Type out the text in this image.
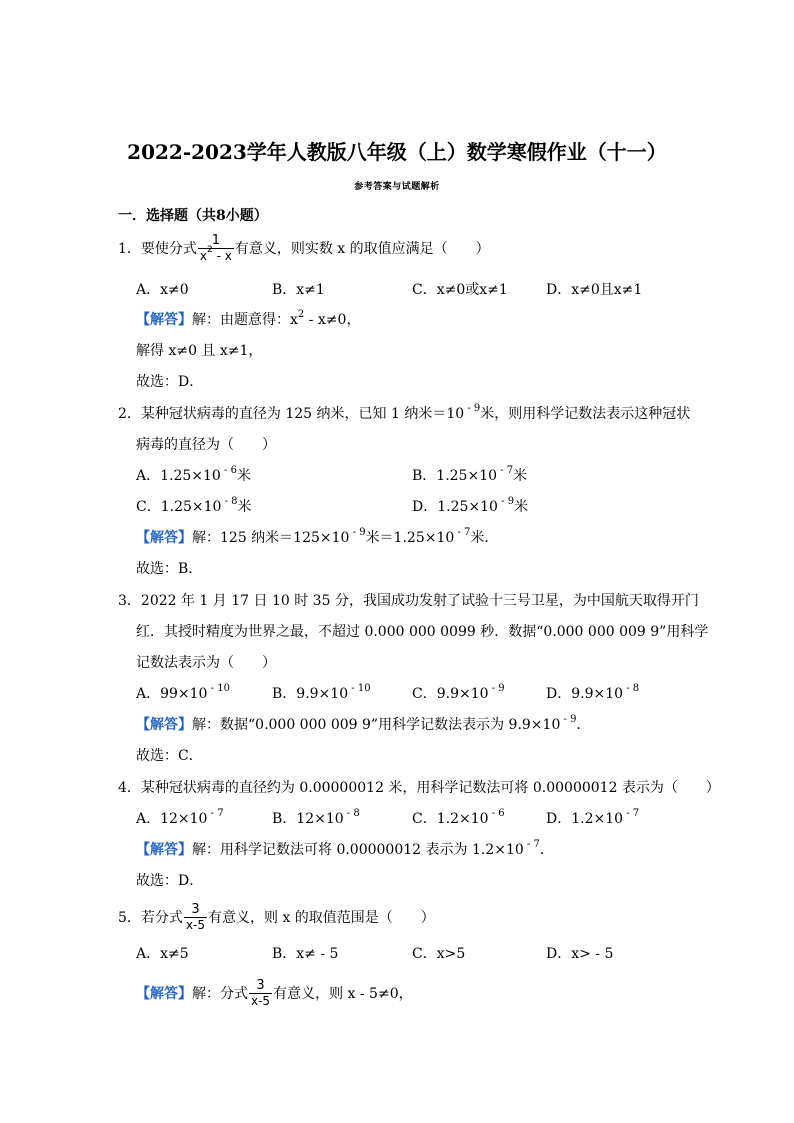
2022-2023学年人教版八年级（上）数学寒假作业（十一）
参考答案与试题解析
一．选择题（共8小题）
1．要使分式 $\frac{1}{x^2 - x}$ 有意义，则实数 x 的取值应满足（　　）
A．x≠0	B．x≠1	C．x≠0或x≠1	D．x≠0且x≠1
【解答】解：由题意得：$x^2 - x\ne 0$，
解得 x≠0 且 x≠1，
故选：D．
2．某种冠状病毒的直径为 125 纳米，已知 1 纳米＝10 $^{- 9}$米，则用科学记数法表示这种冠状
病毒的直径为（　　）
A．1.25×10 $^{- 6}$米	B．1.25×10 $^{- 7}$米
C．1.25×10 $^{- 8}$米	D．1.25×10 $^{- 9}$米
【解答】解：125 纳米＝125×10 $^{- 9}$米＝1.25×10 $^{- 7}$米．
故选：B．
3．2022 年 1 月 17 日 10 时 35 分，我国成功发射了试验十三号卫星，为中国航天取得开门
红．其授时精度为世界之最，不超过 0.000 000 0099 秒．数据“0.000 000 009 9”用科学
记数法表示为（　　）
A．99×10 $^{- 10}$	B．9.9×10 $^{- 10}$	C．9.9×10 $^{- 9}$	D．9.9×10 $^{- 8}$
【解答】解：数据“0.000 000 009 9”用科学记数法表示为 9.9×10 $^{- 9}$．
故选：C．
4．某种冠状病毒的直径约为 0.00000012 米，用科学记数法可将 0.00000012 表示为（　　）
A．12×10 $^{- 7}$	B．12×10 $^{- 8}$	C．1.2×10 $^{- 6}$	D．1.2×10 $^{- 7}$
【解答】解：用科学记数法可将 0.00000012 表示为 1.2×10 $^{- 7}$．
故选：D．
5．若分式 $\frac{3}{x-5}$ 有意义，则 x 的取值范围是（　　）
A．x≠5	B．x≠ - 5	C．x>5	D．x> - 5
【解答】解：分式 $\frac{3}{x-5}$ 有意义，则 x - 5≠0，
